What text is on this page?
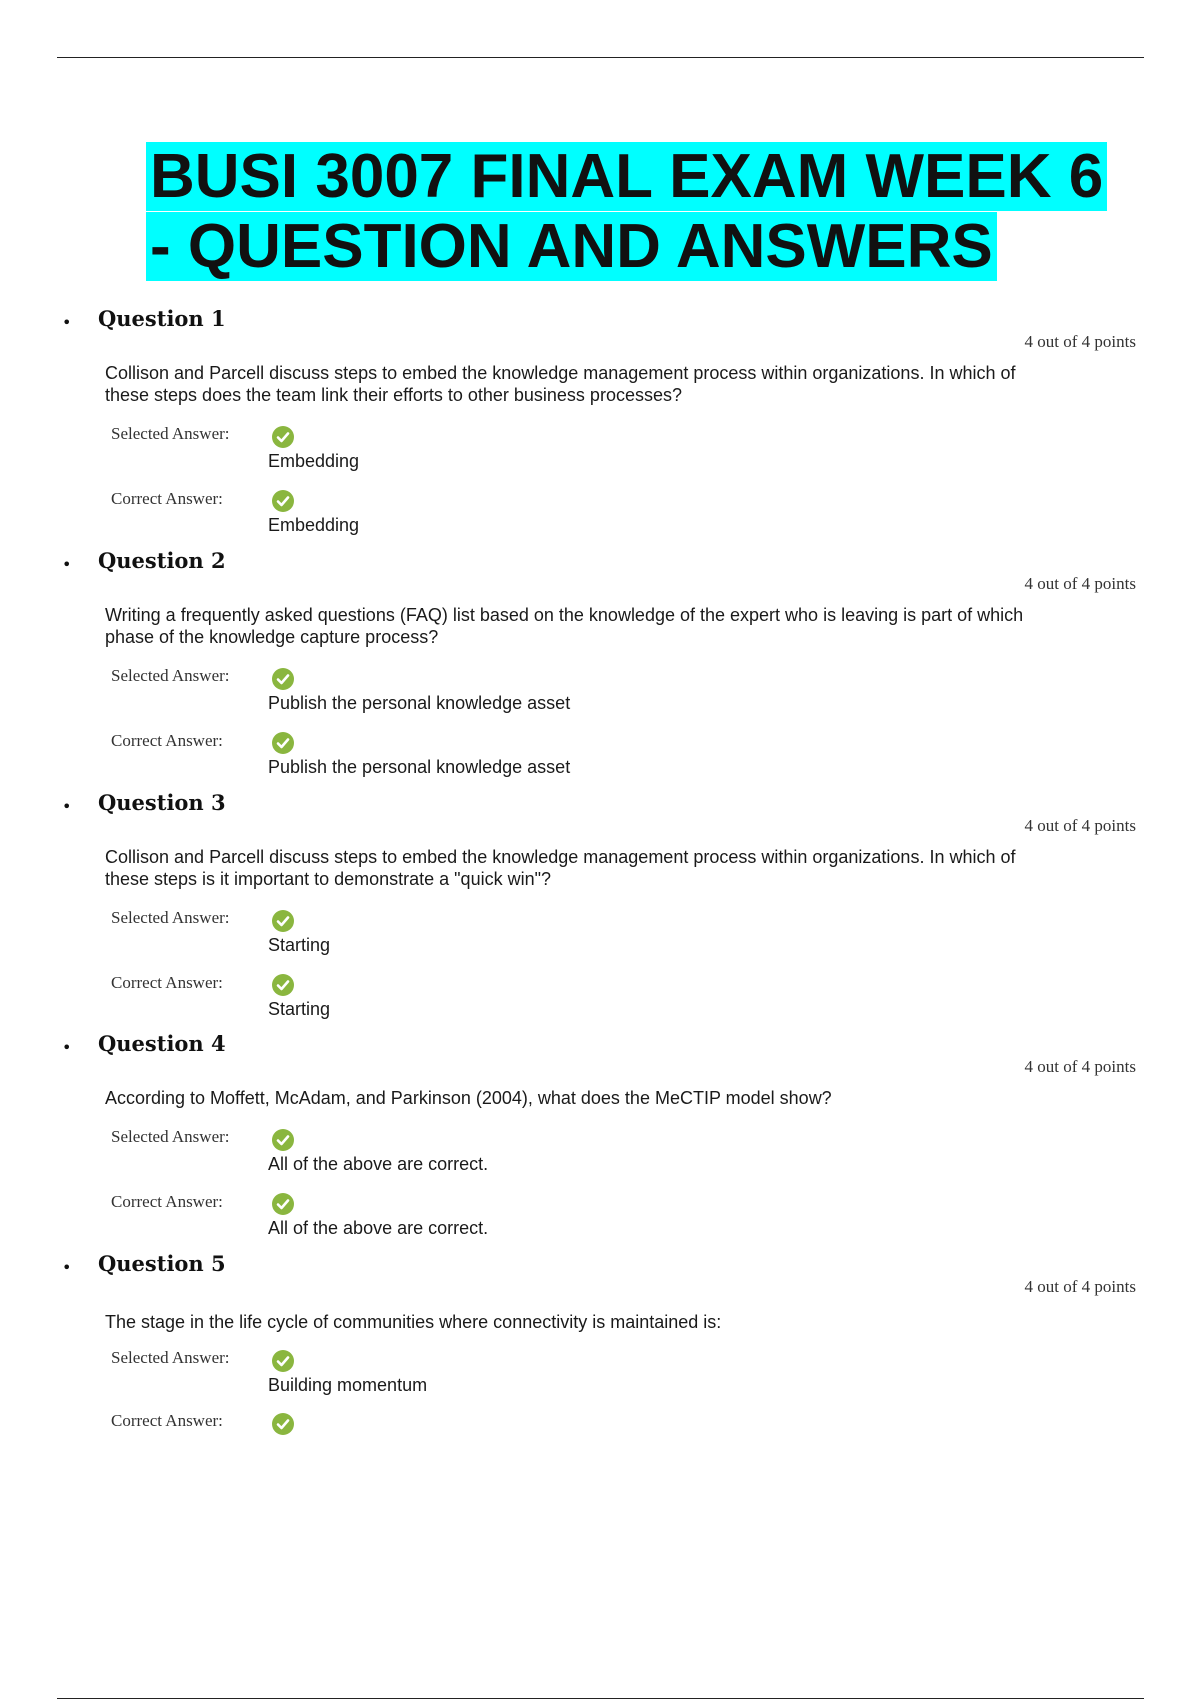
BUSI 3007 FINAL EXAM WEEK 6
- QUESTION AND ANSWERS
• Question 1
4 out of 4 points
Collison and Parcell discuss steps to embed the knowledge management process within organizations. In which of these steps does the team link their efforts to other business processes?
Selected Answer:
Embedding
Correct Answer:
Embedding
• Question 2
4 out of 4 points
Writing a frequently asked questions (FAQ) list based on the knowledge of the expert who is leaving is part of which phase of the knowledge capture process?
Selected Answer:
Publish the personal knowledge asset
Correct Answer:
Publish the personal knowledge asset
• Question 3
4 out of 4 points
Collison and Parcell discuss steps to embed the knowledge management process within organizations. In which of these steps is it important to demonstrate a "quick win"?
Selected Answer:
Starting
Correct Answer:
Starting
• Question 4
4 out of 4 points
According to Moffett, McAdam, and Parkinson (2004), what does the MeCTIP model show?
Selected Answer:
All of the above are correct.
Correct Answer:
All of the above are correct.
• Question 5
4 out of 4 points
The stage in the life cycle of communities where connectivity is maintained is:
Selected Answer:
Building momentum
Correct Answer:
